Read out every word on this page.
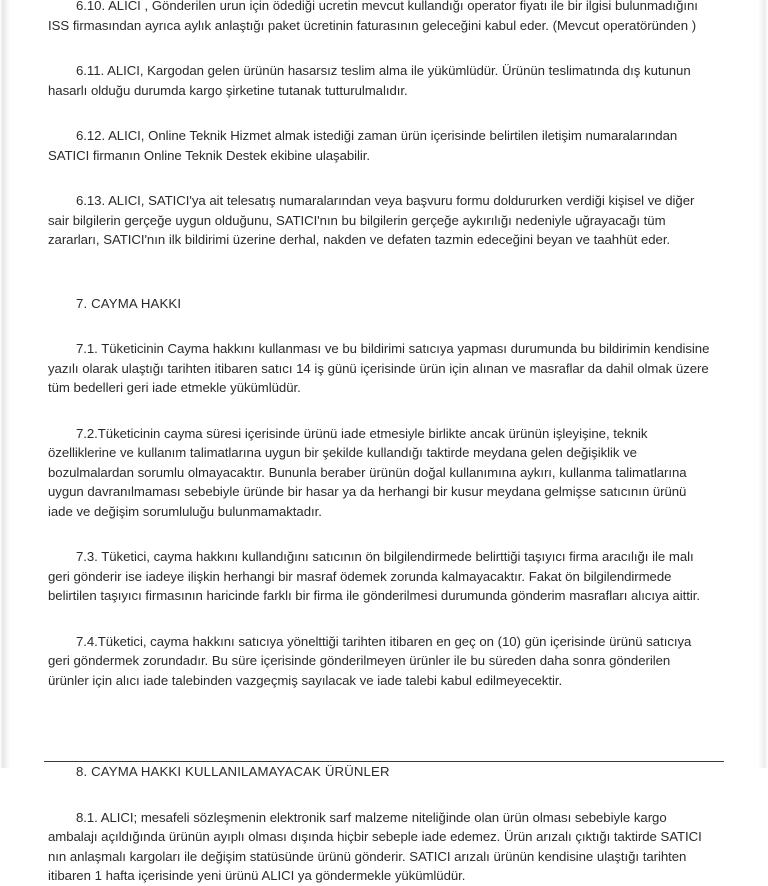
6.10. ALICI , Gönderilen urun için ödediği ucretin mevcut kullandığı operator fiyatı ile bir ilgisi bulunmadığını ISS firmasından ayrıca aylık anlaştığı paket ücretinin faturasının geleceğini kabul eder. (Mevcut operatöründen )

6.11. ALICI, Kargodan gelen ürünün hasarsız teslim alma ile yükümlüdür. Ürünün teslimatında dış kutunun hasarlı olduğu durumda kargo şirketine tutanak tutturulmalıdır.

6.12. ALICI, Online Teknik Hizmet almak istediği zaman ürün içerisinde belirtilen iletişim numaralarından SATICI firmanın Online Teknik Destek ekibine ulaşabilir.

6.13. ALICI, SATICI'ya ait telesatış numaralarından veya başvuru formu doldururken verdiği kişisel ve diğer sair bilgilerin gerçeğe uygun olduğunu, SATICI'nın bu bilgilerin gerçeğe aykırılığı nedeniyle uğrayacağı tüm zararları, SATICI'nın ilk bildirimi üzerine derhal, nakden ve defaten tazmin edeceğini beyan ve taahhüt eder.

7. CAYMA HAKKI

7.1. Tüketicinin Cayma hakkını kullanması ve bu bildirimi satıcıya yapması durumunda bu bildirimin kendisine yazılı olarak ulaştığı tarihten itibaren satıcı 14 iş günü içerisinde ürün için alınan ve masraflar da dahil olmak üzere tüm bedelleri geri iade etmekle yükümlüdür.

7.2.Tüketicinin cayma süresi içerisinde ürünü iade etmesiyle birlikte ancak ürünün işleyişine, teknik özelliklerine ve kullanım talimatlarına uygun bir şekilde kullandığı taktirde meydana gelen değişiklik ve bozulmalardan sorumlu olmayacaktır. Bununla beraber ürünün doğal kullanımına aykırı, kullanma talimatlarına uygun davranılmaması sebebiyle üründe bir hasar ya da herhangi bir kusur meydana gelmişse satıcının ürünü iade ve değişim sorumluluğu bulunmamaktadır.

7.3. Tüketici, cayma hakkını kullandığını satıcının ön bilgilendirmede belirttiği taşıyıcı firma aracılığı ile malı geri gönderir ise iadeye ilişkin herhangi bir masraf ödemek zorunda kalmayacaktır. Fakat ön bilgilendirmede belirtilen taşıyıcı firmasının haricinde farklı bir firma ile gönderilmesi durumunda gönderim masrafları alıcıya aittir.

7.4.Tüketici, cayma hakkını satıcıya yönelttiği tarihten itibaren en geç on (10) gün içerisinde ürünü satıcıya geri göndermek zorundadır. Bu süre içerisinde gönderilmeyen ürünler ile bu süreden daha sonra gönderilen ürünler için alıcı iade talebinden vazgeçmiş sayılacak ve iade talebi kabul edilmeyecektir.

8. CAYMA HAKKI KULLANILAMAYACAK ÜRÜNLER

8.1. ALICI; mesafeli sözleşmenin elektronik sarf malzeme niteliğinde olan ürün olması sebebiyle kargo ambalajı açıldığında ürünün ayıplı olması dışında hiçbir sebeple iade edemez. Ürün arızalı çıktığı taktirde SATICI nın anlaşmalı kargoları ile değişim statüsünde ürünü gönderir. SATICI arızalı ürünün kendisine ulaştığı tarihten itibaren 1 hafta içerisinde yeni ürünü ALICI ya göndermekle yükümlüdür.
